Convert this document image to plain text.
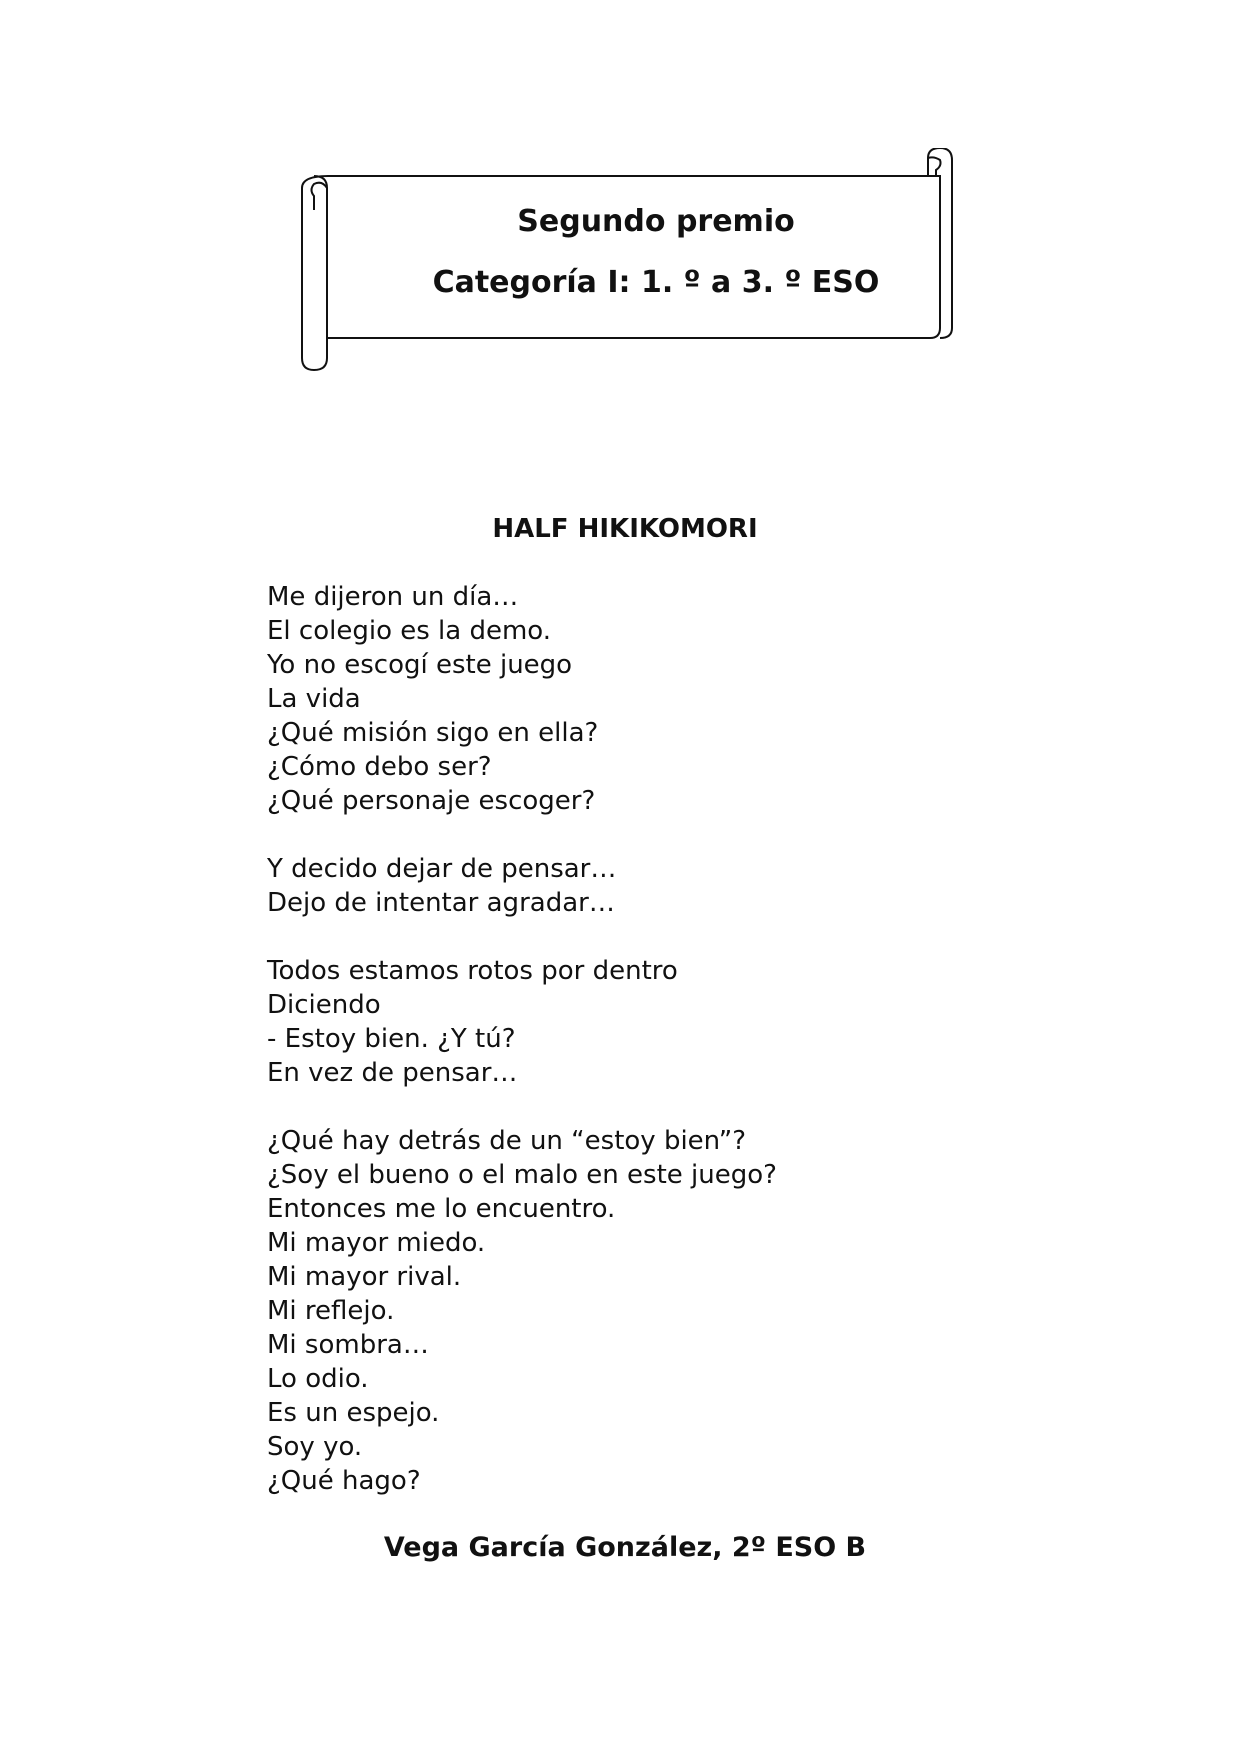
Segundo premio
Categoría I: 1. º a 3. º ESO
HALF HIKIKOMORI
Me dijeron un día…
El colegio es la demo.
Yo no escogí este juego
La vida
¿Qué misión sigo en ella?
¿Cómo debo ser?
¿Qué personaje escoger?
Y decido dejar de pensar…
Dejo de intentar agradar…
Todos estamos rotos por dentro
Diciendo
- Estoy bien. ¿Y tú?
En vez de pensar…
¿Qué hay detrás de un “estoy bien”?
¿Soy el bueno o el malo en este juego?
Entonces me lo encuentro.
Mi mayor miedo.
Mi mayor rival.
Mi reflejo.
Mi sombra…
Lo odio.
Es un espejo.
Soy yo.
¿Qué hago?
Vega García González, 2º ESO B
